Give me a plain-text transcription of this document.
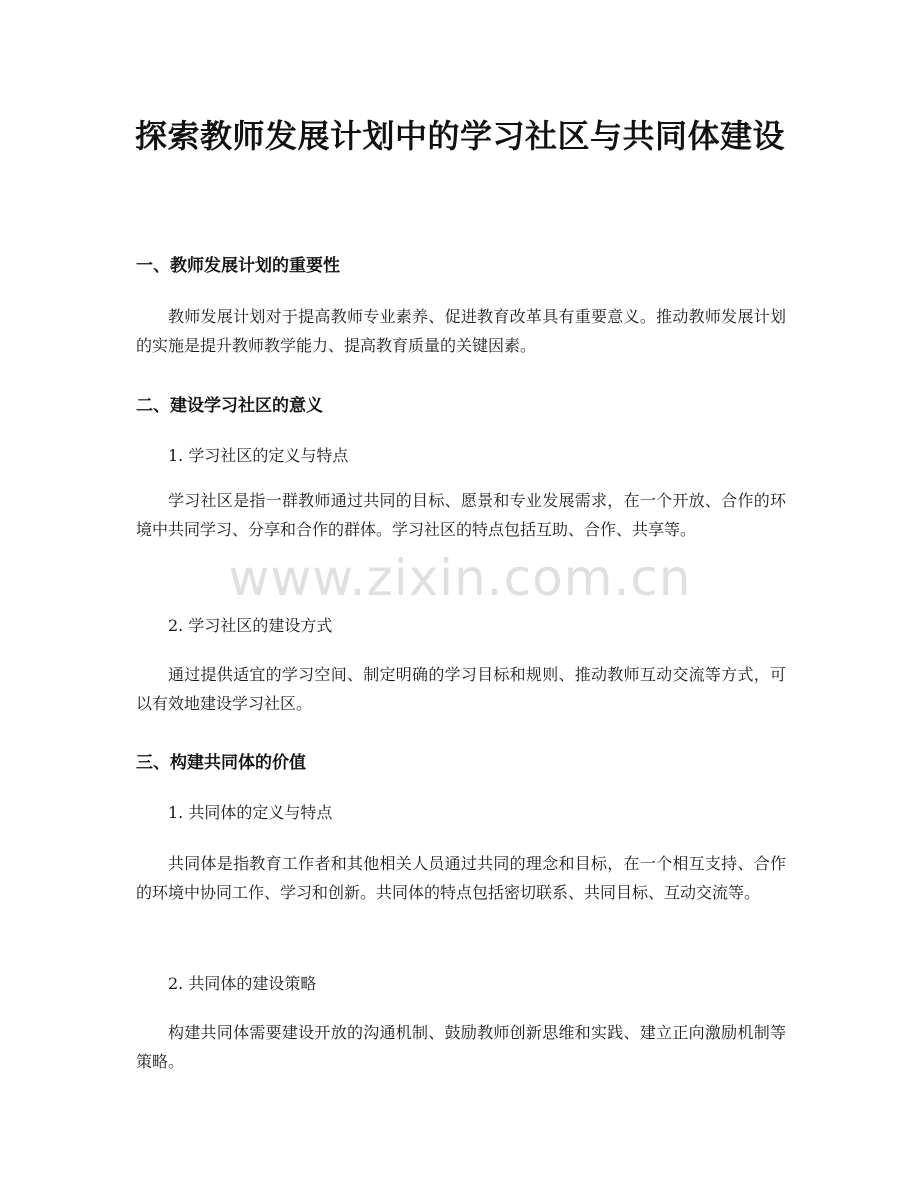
探索教师发展计划中的学习社区与共同体建设
一、教师发展计划的重要性

教师发展计划对于提高教师专业素养、促进教育改革具有重要意义。推动教师发展计划的实施是提升教师教学能力、提高教育质量的关键因素。

二、建设学习社区的意义

1. 学习社区的定义与特点

学习社区是指一群教师通过共同的目标、愿景和专业发展需求，在一个开放、合作的环境中共同学习、分享和合作的群体。学习社区的特点包括互助、合作、共享等。

2. 学习社区的建设方式

通过提供适宜的学习空间、制定明确的学习目标和规则、推动教师互动交流等方式，可以有效地建设学习社区。

三、构建共同体的价值

1. 共同体的定义与特点

共同体是指教育工作者和其他相关人员通过共同的理念和目标，在一个相互支持、合作的环境中协同工作、学习和创新。共同体的特点包括密切联系、共同目标、互动交流等。

2. 共同体的建设策略

构建共同体需要建设开放的沟通机制、鼓励教师创新思维和实践、建立正向激励机制等策略。

www.zixin.com.cn
